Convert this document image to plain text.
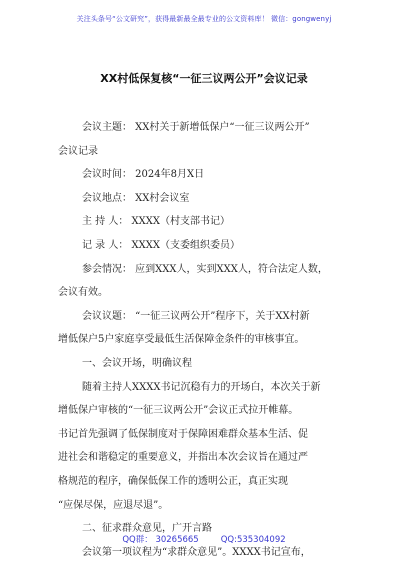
关注头条号“公文研究”，获得最新最全最专业的公文资料库！ 微信：gongwenyj
XX村低保复核“一征三议两公开”会议记录

会议主题： XX村关于新增低保户“一征三议两公开”

会议记录

会议时间： 2024年8月X日

会议地点： XX村会议室

主 持 人： XXXX（村支部书记）

记 录 人： XXXX（支委组织委员）

参会情况： 应到XXX人，实到XXX人，符合法定人数，

会议有效。

会议议题： “一征三议两公开”程序下，关于XX村新

增低保户5户家庭享受最低生活保障金条件的审核事宜。

一、会议开场，明确议程

随着主持人XXXX书记沉稳有力的开场白，本次关于新

增低保户审核的“一征三议两公开”会议正式拉开帷幕。

书记首先强调了低保制度对于保障困难群众基本生活、促

进社会和谐稳定的重要意义，并指出本次会议旨在通过严

格规范的程序，确保低保工作的透明公正，真正实现

“应保尽保，应退尽退”。

二、征求群众意见，广开言路

会议第一项议程为“求群众意见”。XXXX书记宣布，

QQ群： 30265665	QQ:535304092
